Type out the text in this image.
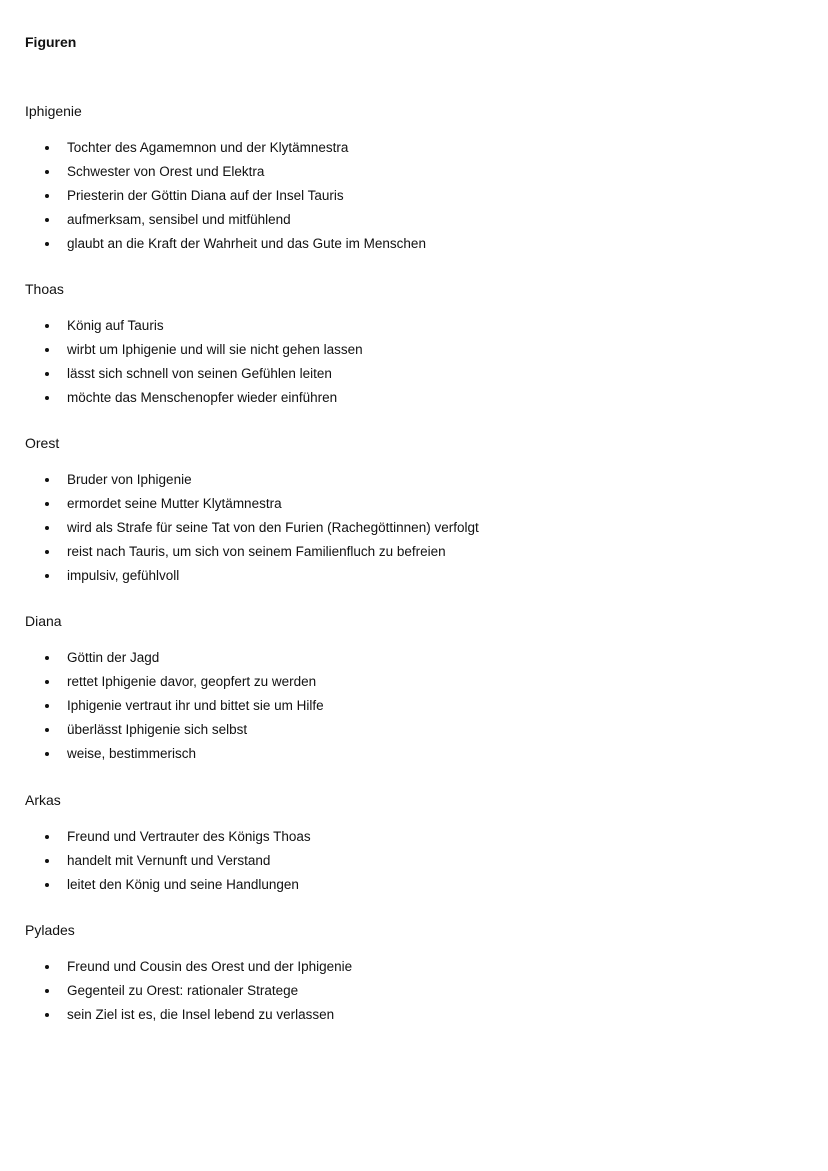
Figuren
Iphigenie
Tochter des Agamemnon und der Klytämnestra
Schwester von Orest und Elektra
Priesterin der Göttin Diana auf der Insel Tauris
aufmerksam, sensibel und mitfühlend
glaubt an die Kraft der Wahrheit und das Gute im Menschen
Thoas
König auf Tauris
wirbt um Iphigenie und will sie nicht gehen lassen
lässt sich schnell von seinen Gefühlen leiten
möchte das Menschenopfer wieder einführen
Orest
Bruder von Iphigenie
ermordet seine Mutter Klytämnestra
wird als Strafe für seine Tat von den Furien (Rachegöttinnen) verfolgt
reist nach Tauris, um sich von seinem Familienfluch zu befreien
impulsiv, gefühlvoll
Diana
Göttin der Jagd
rettet Iphigenie davor, geopfert zu werden
Iphigenie vertraut ihr und bittet sie um Hilfe
überlässt Iphigenie sich selbst
weise, bestimmerisch
Arkas
Freund und Vertrauter des Königs Thoas
handelt mit Vernunft und Verstand
leitet den König und seine Handlungen
Pylades
Freund und Cousin des Orest und der Iphigenie
Gegenteil zu Orest: rationaler Stratege
sein Ziel ist es, die Insel lebend zu verlassen
